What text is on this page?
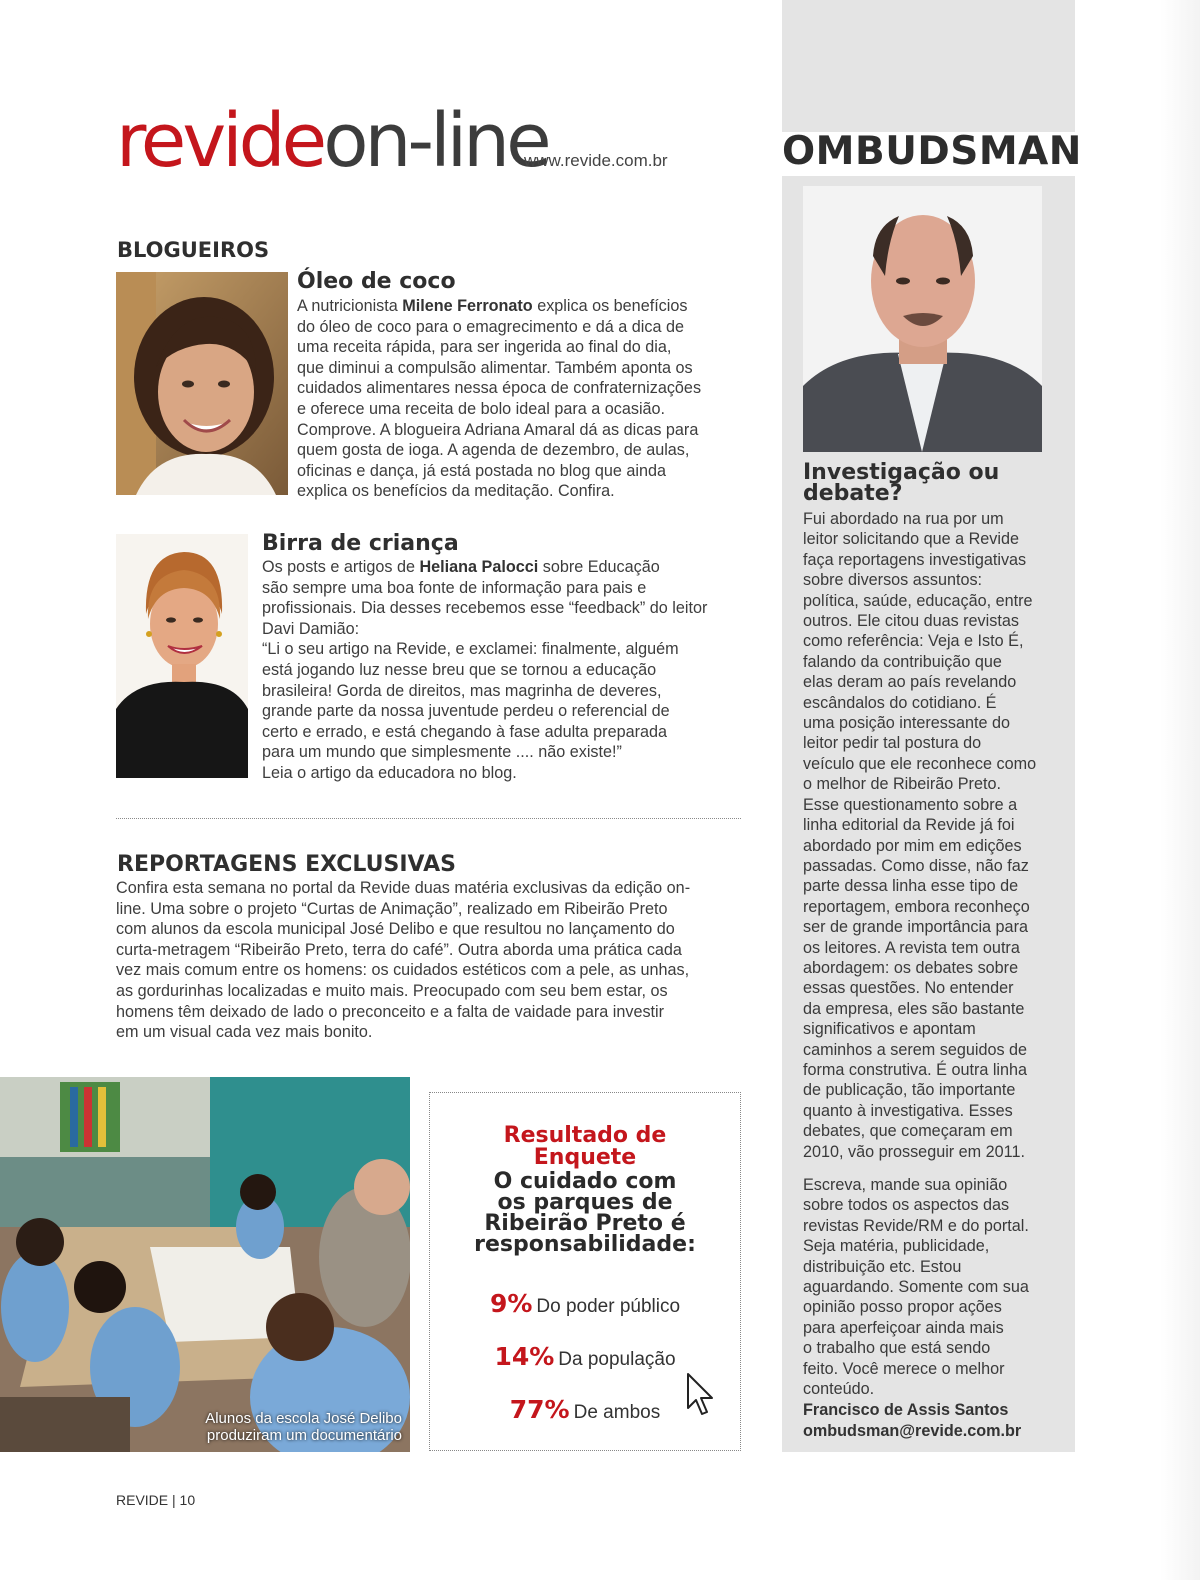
revideon-line
www.revide.com.br
BLOGUEIROS
Óleo de coco
A nutricionista Milene Ferronato explica os benefícios
do óleo de coco para o emagrecimento e dá a dica de
uma receita rápida, para ser ingerida ao final do dia,
que diminui a compulsão alimentar. Também aponta os
cuidados alimentares nessa época de confraternizações
e oferece uma receita de bolo ideal para a ocasião.
Comprove. A blogueira Adriana Amaral dá as dicas para
quem gosta de ioga. A agenda de dezembro, de aulas,
oficinas e dança, já está postada no blog que ainda
explica os benefícios da meditação. Confira.
Birra de criança
Os posts e artigos de Heliana Palocci sobre Educação
são sempre uma boa fonte de informação para pais e
profissionais. Dia desses recebemos esse “feedback” do leitor
Davi Damião:
“Li o seu artigo na Revide, e exclamei: finalmente, alguém
está jogando luz nesse breu que se tornou a educação
brasileira! Gorda de direitos, mas magrinha de deveres,
grande parte da nossa juventude perdeu o referencial de
certo e errado, e está chegando à fase adulta preparada
para um mundo que simplesmente .... não existe!”
Leia o artigo da educadora no blog.
REPORTAGENS EXCLUSIVAS
Confira esta semana no portal da Revide duas matéria exclusivas da edição on-
line. Uma sobre o projeto “Curtas de Animação”, realizado em Ribeirão Preto
com alunos da escola municipal José Delibo e que resultou no lançamento do
curta-metragem “Ribeirão Preto, terra do café”. Outra aborda uma prática cada
vez mais comum entre os homens: os cuidados estéticos com a pele, as unhas,
as gordurinhas localizadas e muito mais. Preocupado com seu bem estar, os
homens têm deixado de lado o preconceito e a falta de vaidade para investir
em um visual cada vez mais bonito.
Alunos da escola José Delibo
produziram um documentário
Resultado de
Enquete
O cuidado com
os parques de
Ribeirão Preto é
responsabilidade:
9% Do poder público
14% Da população
77% De ambos
REVIDE | 10
OMBUDSMAN
Investigação ou
debate?
Fui abordado na rua por um
leitor solicitando que a Revide
faça reportagens investigativas
sobre diversos assuntos:
política, saúde, educação, entre
outros. Ele citou duas revistas
como referência: Veja e Isto É,
falando da contribuição que
elas deram ao país revelando
escândalos do cotidiano. É
uma posição interessante do
leitor pedir tal postura do
veículo que ele reconhece como
o melhor de Ribeirão Preto.
Esse questionamento sobre a
linha editorial da Revide já foi
abordado por mim em edições
passadas. Como disse, não faz
parte dessa linha esse tipo de
reportagem, embora reconheço
ser de grande importância para
os leitores. A revista tem outra
abordagem: os debates sobre
essas questões. No entender
da empresa, eles são bastante
significativos e apontam
caminhos a serem seguidos de
forma construtiva. É outra linha
de publicação, tão importante
quanto à investigativa. Esses
debates, que começaram em
2010, vão prosseguir em 2011.
Escreva, mande sua opinião
sobre todos os aspectos das
revistas Revide/RM e do portal.
Seja matéria, publicidade,
distribuição etc. Estou
aguardando. Somente com sua
opinião posso propor ações
para aperfeiçoar ainda mais
o trabalho que está sendo
feito. Você merece o melhor
conteúdo.
Francisco de Assis Santos
ombudsman@revide.com.br
